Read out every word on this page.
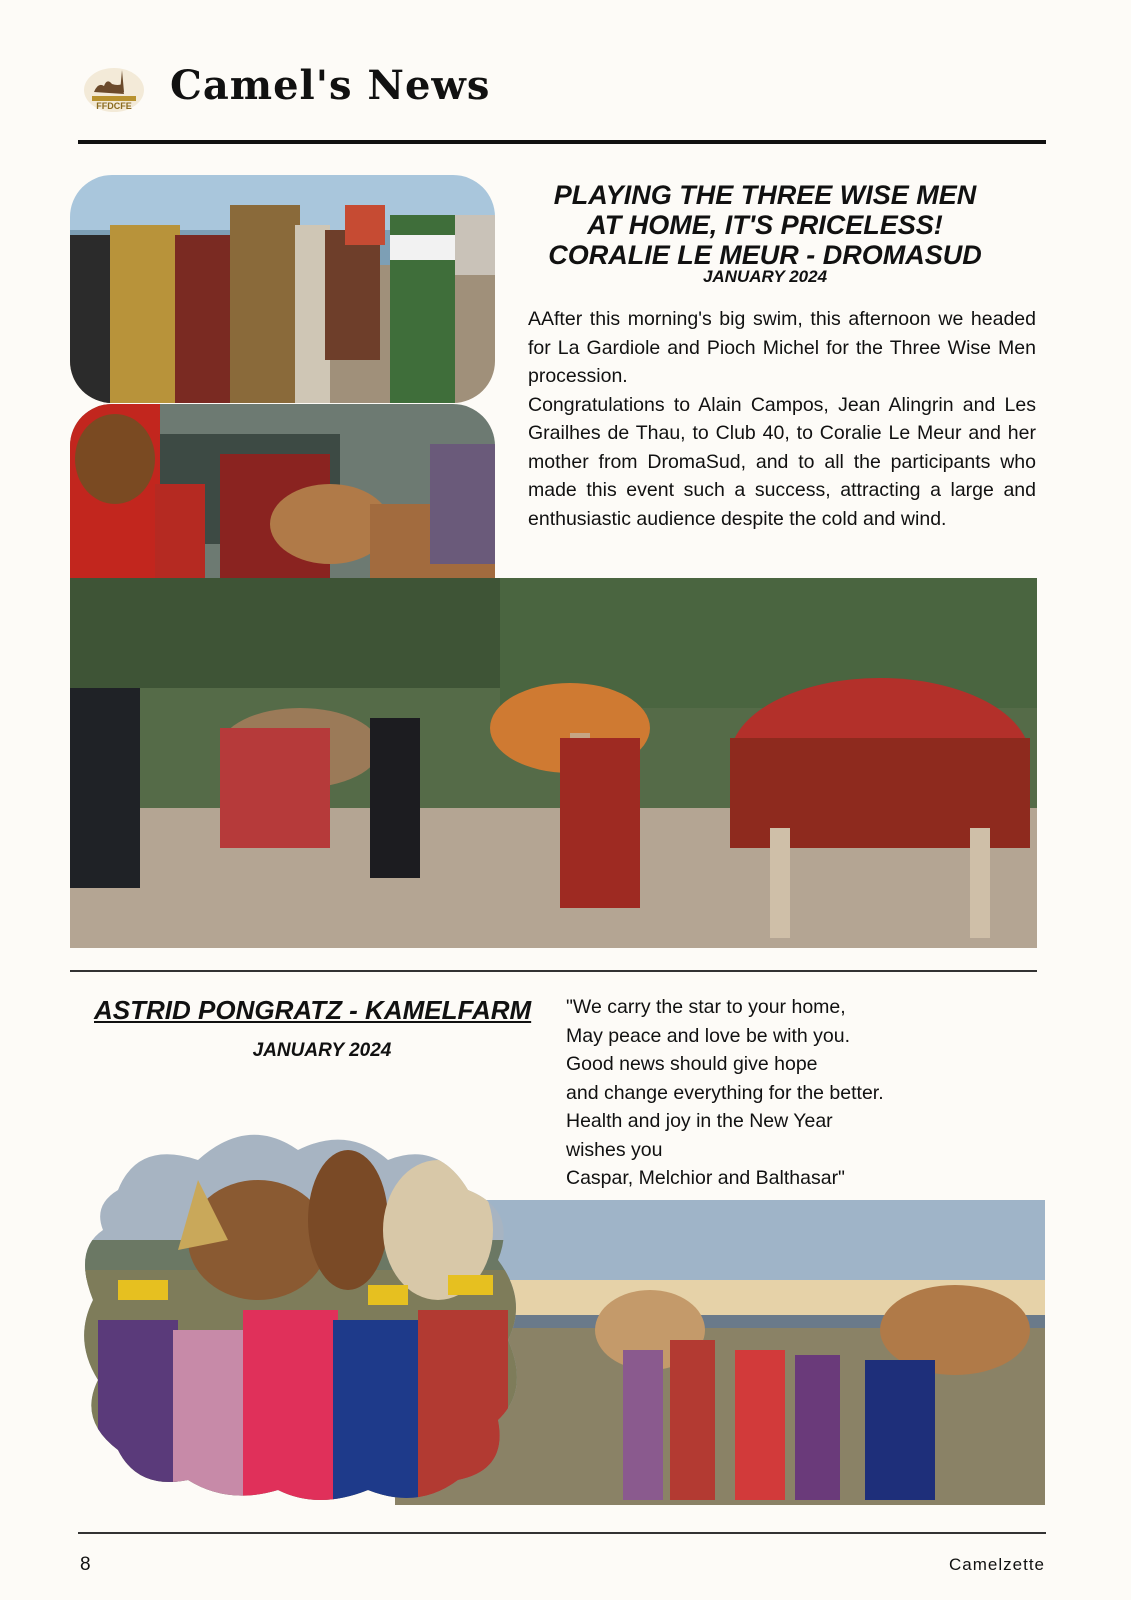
FFDCFE Camel's News
PLAYING THE THREE WISE MEN
AT HOME, IT'S PRICELESS!
CORALIE LE MEUR - DROMASUD
JANUARY 2024

AAfter this morning's big swim, this afternoon we headed for La Gardiole and Pioch Michel for the Three Wise Men procession.

Congratulations to Alain Campos, Jean Alingrin and Les Grailhes de Thau, to Club 40, to Coralie Le Meur and her mother from DromaSud, and to all the participants who made this event such a success, attracting a large and enthusiastic audience despite the cold and wind.

ASTRID PONGRATZ - KAMELFARM
JANUARY 2024
"We carry the star to your home,
May peace and love be with you.
Good news should give hope
and change everything for the better.
Health and joy in the New Year
wishes you
Caspar, Melchior and Balthasar"
8	Camelzette
